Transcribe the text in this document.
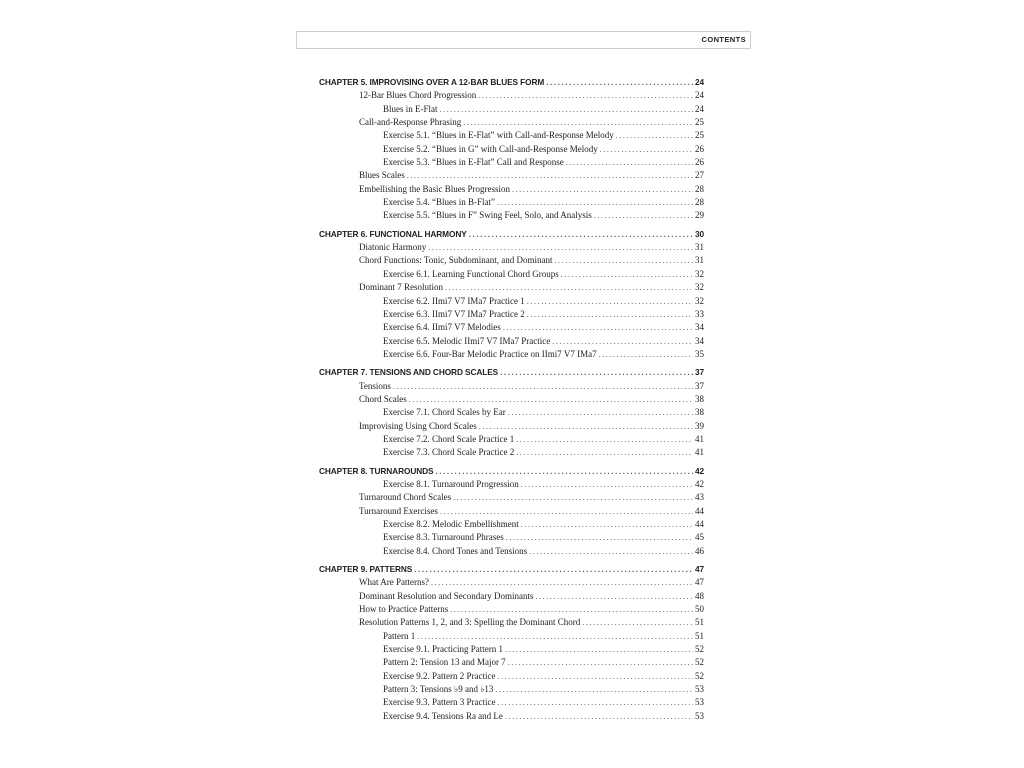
CONTENTS
CHAPTER 5. IMPROVISING OVER A 12-BAR BLUES FORM .....	24
12-Bar Blues Chord Progression .....	24
Blues in E-Flat .....	24
Call-and-Response Phrasing .....	25
Exercise 5.1. “Blues in E-Flat” with Call-and-Response Melody .....	25
Exercise 5.2. “Blues in G” with Call-and-Response Melody .....	26
Exercise 5.3. “Blues in E-Flat” Call and Response .....	26
Blues Scales .....	27
Embellishing the Basic Blues Progression .....	28
Exercise 5.4. “Blues in B-Flat” .....	28
Exercise 5.5. “Blues in F” Swing Feel, Solo, and Analysis .....	29
CHAPTER 6. FUNCTIONAL HARMONY .....	30
Diatonic Harmony .....	31
Chord Functions: Tonic, Subdominant, and Dominant .....	31
Exercise 6.1. Learning Functional Chord Groups .....	32
Dominant 7 Resolution .....	32
Exercise 6.2. IImi7 V7 IMa7 Practice 1 .....	32
Exercise 6.3. IImi7 V7 IMa7 Practice 2 .....	33
Exercise 6.4. IImi7 V7 Melodies .....	34
Exercise 6.5. Melodic IImi7 V7 IMa7 Practice .....	34
Exercise 6.6. Four-Bar Melodic Practice on IImi7 V7 IMa7 .....	35
CHAPTER 7. TENSIONS AND CHORD SCALES .....	37
Tensions .....	37
Chord Scales .....	38
Exercise 7.1. Chord Scales by Ear .....	38
Improvising Using Chord Scales .....	39
Exercise 7.2. Chord Scale Practice 1 .....	41
Exercise 7.3. Chord Scale Practice 2 .....	41
CHAPTER 8. TURNAROUNDS .....	42
Exercise 8.1. Turnaround Progression .....	42
Turnaround Chord Scales .....	43
Turnaround Exercises .....	44
Exercise 8.2. Melodic Embellishment .....	44
Exercise 8.3. Turnaround Phrases .....	45
Exercise 8.4. Chord Tones and Tensions .....	46
CHAPTER 9. PATTERNS .....	47
What Are Patterns? .....	47
Dominant Resolution and Secondary Dominants .....	48
How to Practice Patterns .....	50
Resolution Patterns 1, 2, and 3: Spelling the Dominant Chord .....	51
Pattern 1 .....	51
Exercise 9.1. Practicing Pattern 1 .....	52
Pattern 2: Tension 13 and Major 7 .....	52
Exercise 9.2. Pattern 2 Practice .....	52
Pattern 3: Tensions ♭9 and ♭13 .....	53
Exercise 9.3. Pattern 3 Practice .....	53
Exercise 9.4. Tensions Ra and Le .....	53
